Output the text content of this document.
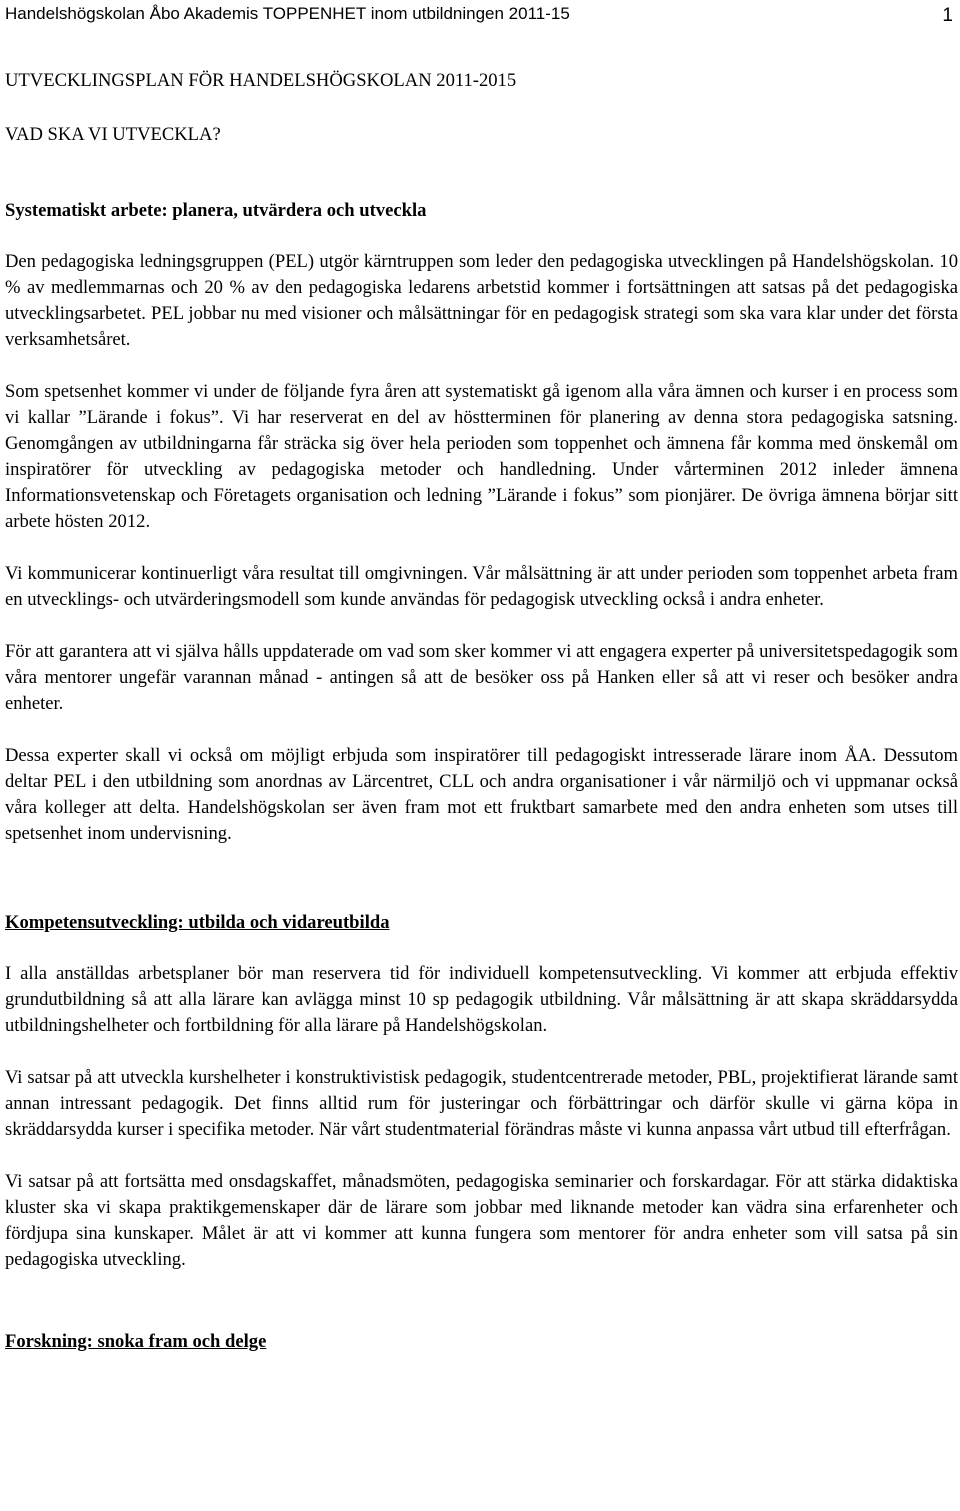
Handelshögskolan Åbo Akademis TOPPENHET inom utbildningen 2011-15	1
UTVECKLINGSPLAN FÖR HANDELSHÖGSKOLAN 2011-2015
VAD SKA VI UTVECKLA?
Systematiskt arbete: planera, utvärdera och utveckla

Den pedagogiska ledningsgruppen (PEL) utgör kärntruppen som leder den pedagogiska utvecklingen på Handelshögskolan. 10 % av medlemmarnas och 20 % av den pedagogiska ledarens arbetstid kommer i fortsättningen att satsas på det pedagogiska utvecklingsarbetet. PEL jobbar nu med visioner och målsättningar för en pedagogisk strategi som ska vara klar under det första verksamhetsåret.

Som spetsenhet kommer vi under de följande fyra åren att systematiskt gå igenom alla våra ämnen och kurser i en process som vi kallar ”Lärande i fokus”. Vi har reserverat en del av höstterminen för planering av denna stora pedagogiska satsning. Genomgången av utbildningarna får sträcka sig över hela perioden som toppenhet och ämnena får komma med önskemål om inspiratörer för utveckling av pedagogiska metoder och handledning. Under vårterminen 2012 inleder ämnena Informationsvetenskap och Företagets organisation och ledning ”Lärande i fokus” som pionjärer. De övriga ämnena börjar sitt arbete hösten 2012.

Vi kommunicerar kontinuerligt våra resultat till omgivningen. Vår målsättning är att under perioden som toppenhet arbeta fram en utvecklings- och utvärderingsmodell som kunde användas för pedagogisk utveckling också i andra enheter.

För att garantera att vi själva hålls uppdaterade om vad som sker kommer vi att engagera experter på universitetspedagogik som våra mentorer ungefär varannan månad - antingen så att de besöker oss på Hanken eller så att vi reser och besöker andra enheter.

Dessa experter skall vi också om möjligt erbjuda som inspiratörer till pedagogiskt intresserade lärare inom ÅA. Dessutom deltar PEL i den utbildning som anordnas av Lärcentret, CLL och andra organisationer i vår närmiljö och vi uppmanar också våra kolleger att delta. Handelshögskolan ser även fram mot ett fruktbart samarbete med den andra enheten som utses till spetsenhet inom undervisning.

Kompetensutveckling: utbilda och vidareutbilda

I alla anställdas arbetsplaner bör man reservera tid för individuell kompetensutveckling. Vi kommer att erbjuda effektiv grundutbildning så att alla lärare kan avlägga minst 10 sp pedagogik utbildning. Vår målsättning är att skapa skräddarsydda utbildningshelheter och fortbildning för alla lärare på Handelshögskolan.

Vi satsar på att utveckla kurshelheter i konstruktivistisk pedagogik, studentcentrerade metoder, PBL, projektifierat lärande samt annan intressant pedagogik. Det finns alltid rum för justeringar och förbättringar och därför skulle vi gärna köpa in skräddarsydda kurser i specifika metoder. När vårt studentmaterial förändras måste vi kunna anpassa vårt utbud till efterfrågan.

Vi satsar på att fortsätta med onsdagskaffet, månadsmöten, pedagogiska seminarier och forskardagar. För att stärka didaktiska kluster ska vi skapa praktikgemenskaper där de lärare som jobbar med liknande metoder kan vädra sina erfarenheter och fördjupa sina kunskaper. Målet är att vi kommer att kunna fungera som mentorer för andra enheter som vill satsa på sin pedagogiska utveckling.

Forskning: snoka fram och delge
